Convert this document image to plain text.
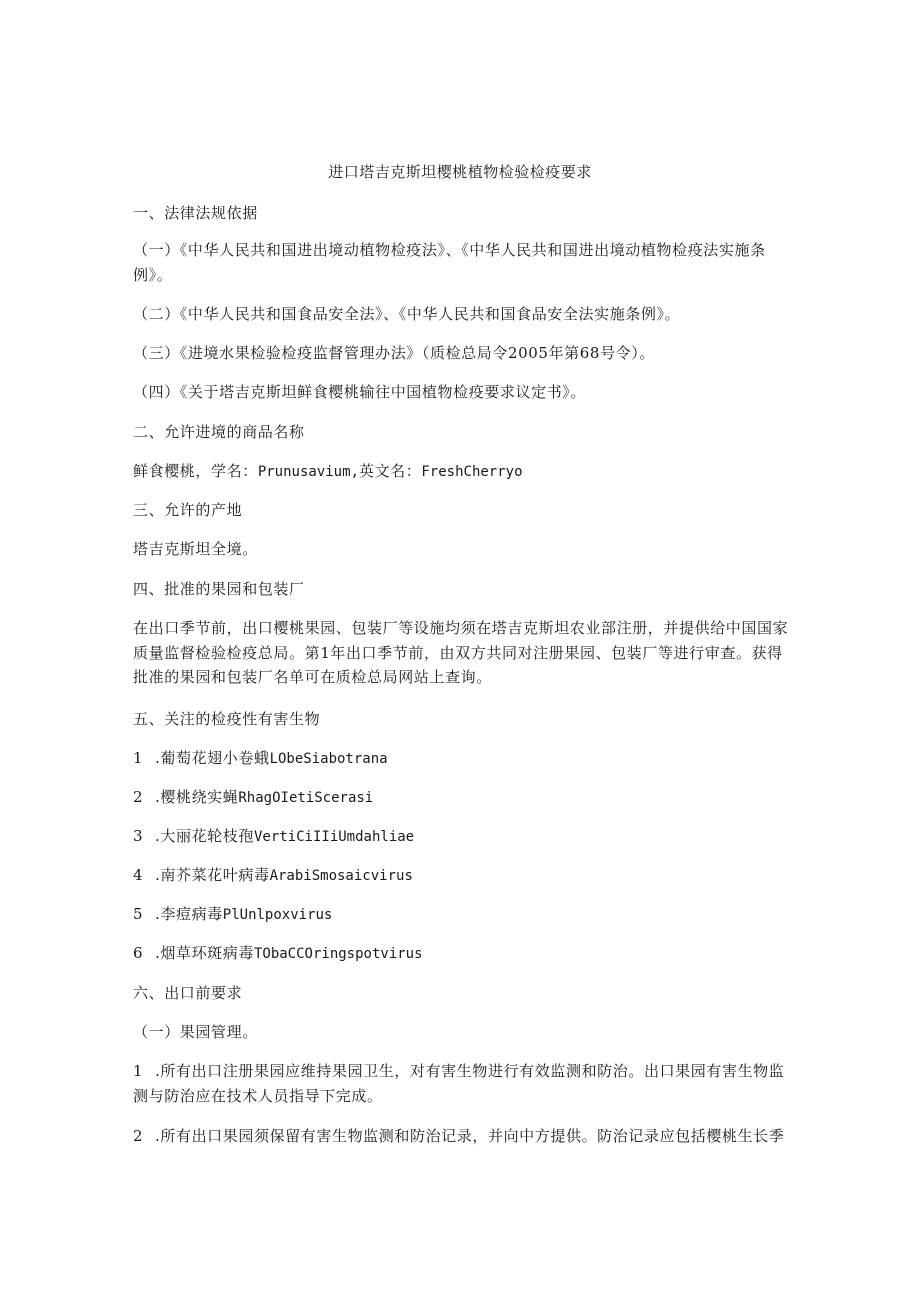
进口塔吉克斯坦樱桃植物检验检疫要求
一、法律法规依据
（一）《中华人民共和国进出境动植物检疫法》、《中华人民共和国进出境动植物检疫法实施条例》。
（二）《中华人民共和国食品安全法》、《中华人民共和国食品安全法实施条例》。
（三）《进境水果检验检疫监督管理办法》（质检总局令2005年第68号令）。
（四）《关于塔吉克斯坦鲜食樱桃输往中国植物检疫要求议定书》。
二、允许进境的商品名称
鲜食樱桃，学名：Prunusavium,英文名：FreshCherryo
三、允许的产地
塔吉克斯坦全境。
四、批准的果园和包装厂
在出口季节前，出口樱桃果园、包装厂等设施均须在塔吉克斯坦农业部注册，并提供给中国国家质量监督检验检疫总局。第1年出口季节前，由双方共同对注册果园、包装厂等进行审查。获得批准的果园和包装厂名单可在质检总局网站上查询。
五、关注的检疫性有害生物
1 .葡萄花翅小卷蛾LObeSiabotrana
2 .樱桃绕实蝇RhagOIetiScerasi
3 .大丽花轮枝孢VertiCiIIiUmdahliae
4 .南芥菜花叶病毒ArabiSmosaicvirus
5 .李痘病毒PlUnlpoxvirus
6 .烟草环斑病毒TObaCCOringspotvirus
六、出口前要求
（一）果园管理。
1 .所有出口注册果园应维持果园卫生，对有害生物进行有效监测和防治。出口果园有害生物监测与防治应在技术人员指导下完成。
2 .所有出口果园须保留有害生物监测和防治记录，并向中方提供。防治记录应包括樱桃生长季
